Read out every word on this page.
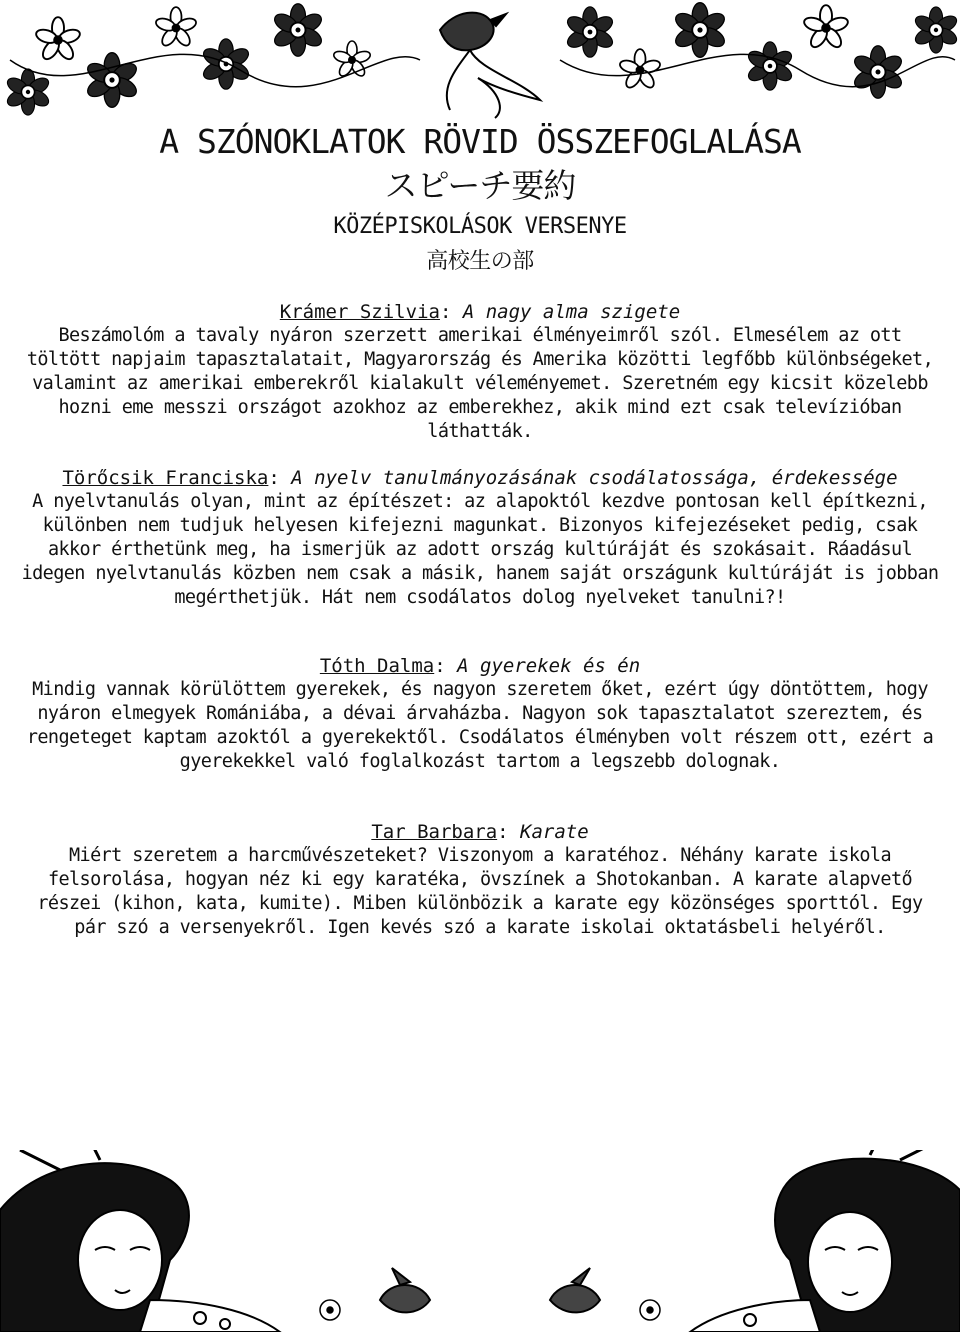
A SZÓNOKLATOK RÖVID ÖSSZEFOGLALÁSA
スピーチ要約
KÖZÉPISKOLÁSOK VERSENYE
高校生の部
Krámer Szilvia: A nagy alma szigete

Beszámolóm a tavaly nyáron szerzett amerikai élményeimről szól. Elmesélem az ott töltött napjaim tapasztalatait, Magyarország és Amerika közötti legfőbb különbségeket, valamint az amerikai emberekről kialakult véleményemet. Szeretném egy kicsit közelebb hozni eme messzi országot azokhoz az emberekhez, akik mind ezt csak televízióban láthatták.

Törőcsik Franciska: A nyelv tanulmányozásának csodálatossága, érdekessége

A nyelvtanulás olyan, mint az építészet: az alapoktól kezdve pontosan kell építkezni, különben nem tudjuk helyesen kifejezni magunkat. Bizonyos kifejezéseket pedig, csak akkor érthetünk meg, ha ismerjük az adott ország kultúráját és szokásait. Ráadásul idegen nyelvtanulás közben nem csak a másik, hanem saját országunk kultúráját is jobban megérthetjük. Hát nem csodálatos dolog nyelveket tanulni?!

Tóth Dalma: A gyerekek és én

Mindig vannak körülöttem gyerekek, és nagyon szeretem őket, ezért úgy döntöttem, hogy nyáron elmegyek Romániába, a dévai árvaházba. Nagyon sok tapasztalatot szereztem, és rengeteget kaptam azoktól a gyerekektől. Csodálatos élményben volt részem ott, ezért a gyerekekkel való foglalkozást tartom a legszebb dolognak.

Tar Barbara: Karate

Miért szeretem a harcművészeteket? Viszonyom a karatéhoz. Néhány karate iskola felsorolása, hogyan néz ki egy karatéka, övszínek a Shotokanban. A karate alapvető részei (kihon, kata, kumite). Miben különbözik a karate egy közönséges sporttól. Egy pár szó a versenyekről. Igen kevés szó a karate iskolai oktatásbeli helyéről.
